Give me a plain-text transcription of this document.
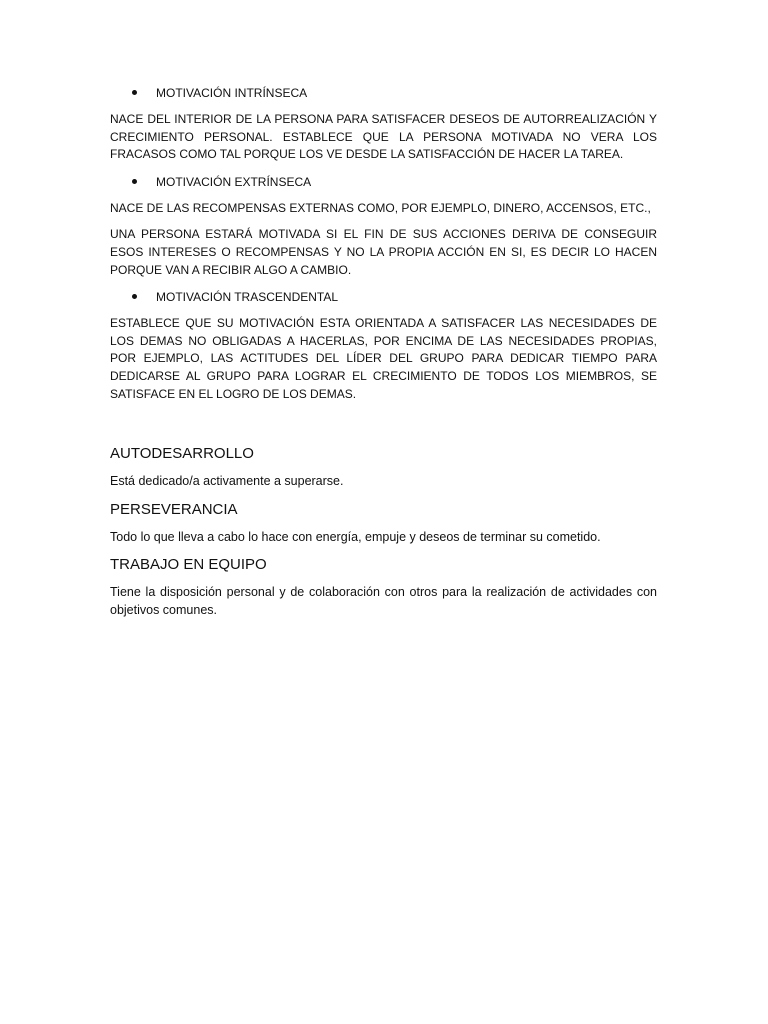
MOTIVACIÓN INTRÍNSECA

NACE DEL INTERIOR DE LA PERSONA PARA SATISFACER DESEOS DE AUTORREALIZACIÓN Y CRECIMIENTO PERSONAL. ESTABLECE QUE LA PERSONA MOTIVADA NO VERA LOS FRACASOS COMO TAL PORQUE LOS VE DESDE LA SATISFACCIÓN DE HACER LA TAREA.

MOTIVACIÓN EXTRÍNSECA

NACE DE LAS RECOMPENSAS EXTERNAS COMO, POR EJEMPLO, DINERO, ACCENSOS, ETC.,

UNA PERSONA ESTARÁ MOTIVADA SI EL FIN DE SUS ACCIONES DERIVA DE CONSEGUIR ESOS INTERESES O RECOMPENSAS Y NO LA PROPIA ACCIÓN EN SI, ES DECIR LO HACEN PORQUE VAN A RECIBIR ALGO A CAMBIO.

MOTIVACIÓN TRASCENDENTAL

ESTABLECE QUE SU MOTIVACIÓN ESTA ORIENTADA A SATISFACER LAS NECESIDADES DE LOS DEMAS NO OBLIGADAS A HACERLAS, POR ENCIMA DE LAS NECESIDADES PROPIAS, POR EJEMPLO, LAS ACTITUDES DEL LÍDER DEL GRUPO PARA DEDICAR TIEMPO PARA DEDICARSE AL GRUPO PARA LOGRAR EL CRECIMIENTO DE TODOS LOS MIEMBROS, SE SATISFACE EN EL LOGRO DE LOS DEMAS.

AUTODESARROLLO

Está dedicado/a activamente a superarse.

PERSEVERANCIA

Todo lo que lleva a cabo lo hace con energía, empuje y deseos de terminar su cometido.

TRABAJO EN EQUIPO

Tiene la disposición personal y de colaboración con otros para la realización de actividades con objetivos comunes.
